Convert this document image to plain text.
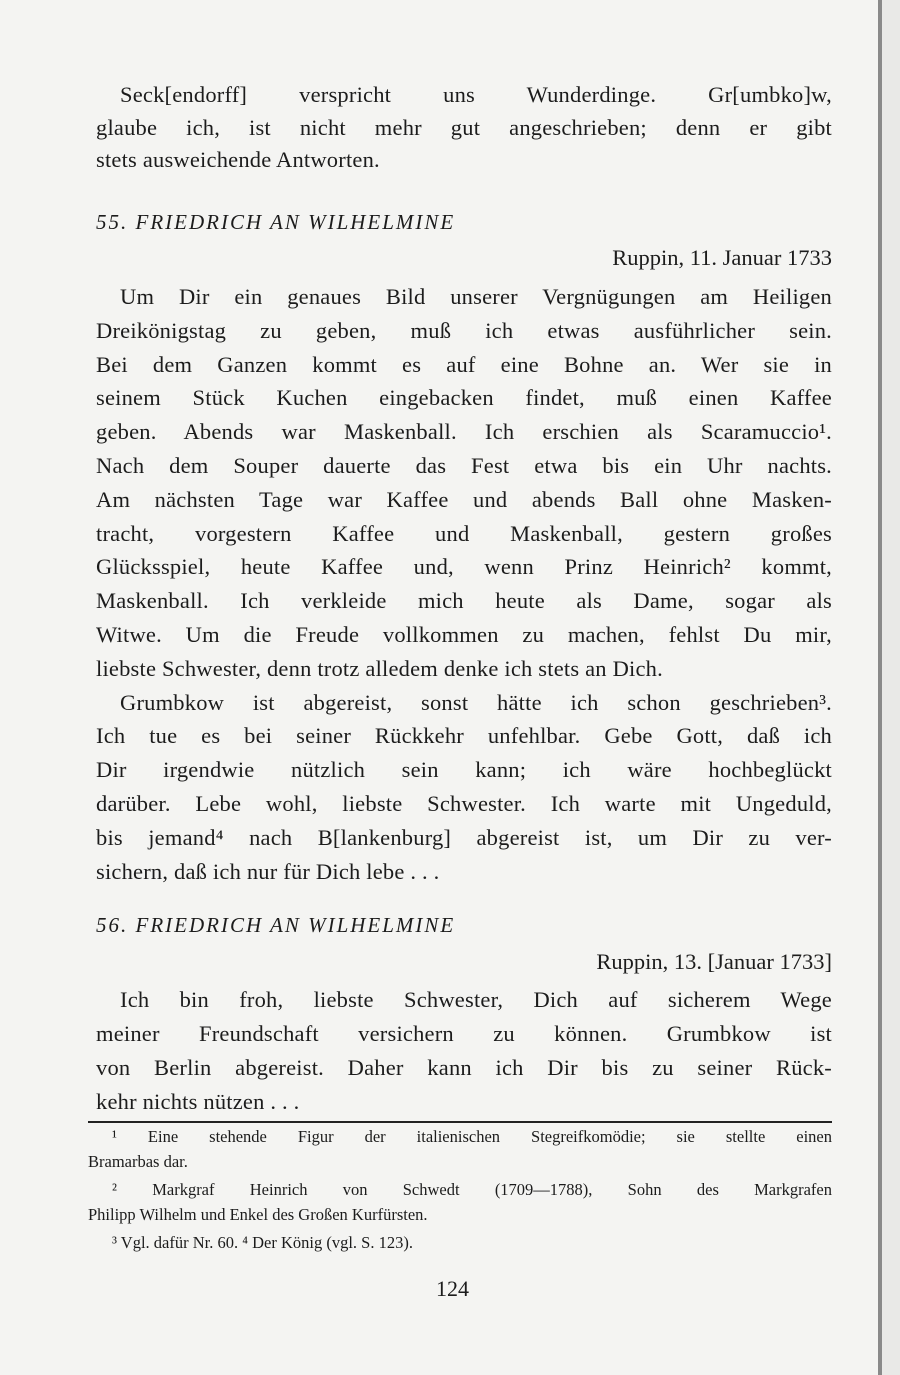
Seck[endorff] verspricht uns Wunderdinge. Gr[umbko]w,
glaube ich, ist nicht mehr gut angeschrieben; denn er gibt
stets ausweichende Antworten.
55. FRIEDRICH AN WILHELMINE
Ruppin, 11. Januar 1733
Um Dir ein genaues Bild unserer Vergnügungen am Heiligen
Dreikönigstag zu geben, muß ich etwas ausführlicher sein.
Bei dem Ganzen kommt es auf eine Bohne an. Wer sie in
seinem Stück Kuchen eingebacken findet, muß einen Kaffee
geben. Abends war Maskenball. Ich erschien als Scaramuccio¹.
Nach dem Souper dauerte das Fest etwa bis ein Uhr nachts.
Am nächsten Tage war Kaffee und abends Ball ohne Masken-
tracht, vorgestern Kaffee und Maskenball, gestern großes
Glücksspiel, heute Kaffee und, wenn Prinz Heinrich² kommt,
Maskenball. Ich verkleide mich heute als Dame, sogar als
Witwe. Um die Freude vollkommen zu machen, fehlst Du mir,
liebste Schwester, denn trotz alledem denke ich stets an Dich.
Grumbkow ist abgereist, sonst hätte ich schon geschrieben³.
Ich tue es bei seiner Rückkehr unfehlbar. Gebe Gott, daß ich
Dir irgendwie nützlich sein kann; ich wäre hochbeglückt
darüber. Lebe wohl, liebste Schwester. Ich warte mit Ungeduld,
bis jemand⁴ nach B[lankenburg] abgereist ist, um Dir zu ver-
sichern, daß ich nur für Dich lebe . . .
56. FRIEDRICH AN WILHELMINE
Ruppin, 13. [Januar 1733]
Ich bin froh, liebste Schwester, Dich auf sicherem Wege
meiner Freundschaft versichern zu können. Grumbkow ist
von Berlin abgereist. Daher kann ich Dir bis zu seiner Rück-
kehr nichts nützen . . .
¹ Eine stehende Figur der italienischen Stegreifkomödie; sie stellte einen
Bramarbas dar.
² Markgraf Heinrich von Schwedt (1709—1788), Sohn des Markgrafen
Philipp Wilhelm und Enkel des Großen Kurfürsten.
³ Vgl. dafür Nr. 60. ⁴ Der König (vgl. S. 123).
124
